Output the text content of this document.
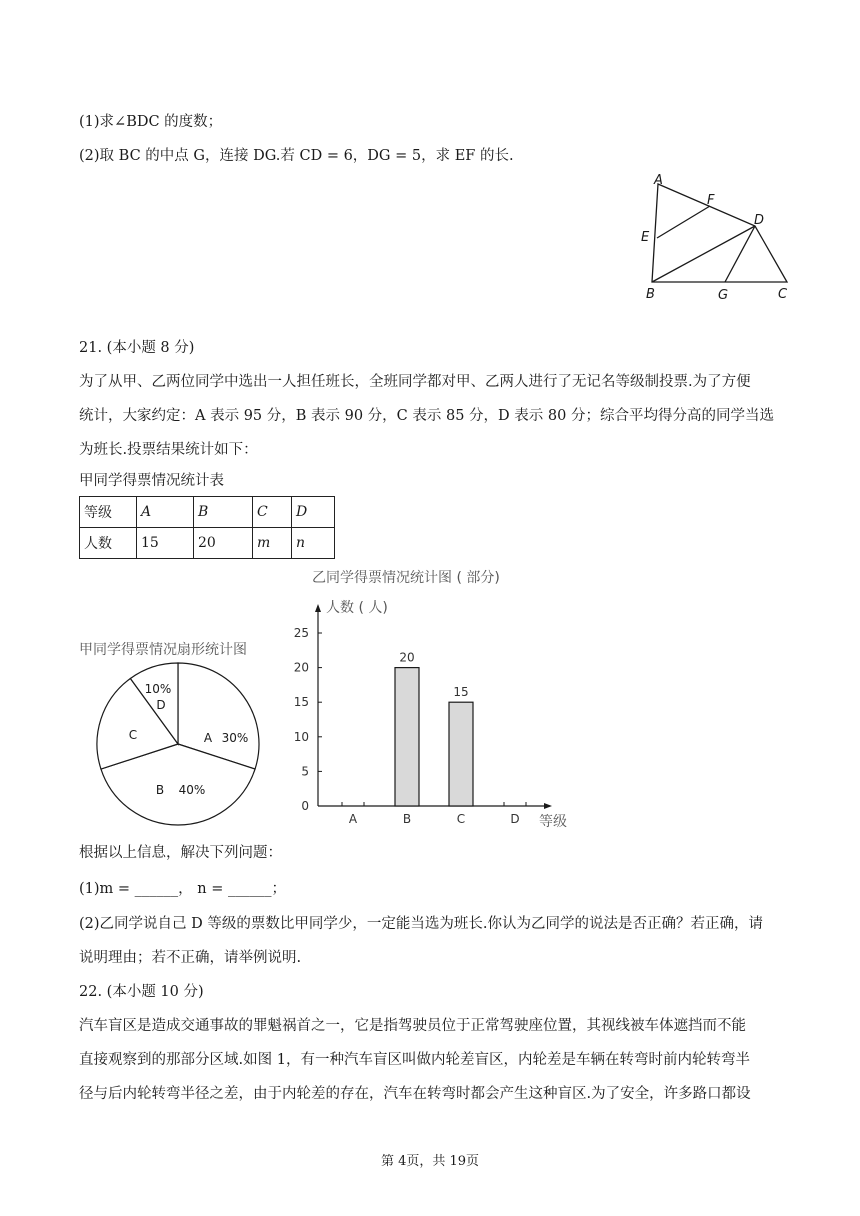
(1)求∠BDC 的度数；
(2)取 BC 的中点 G，连接 DG.若 CD = 6，DG = 5，求 EF 的长.
A
F
D
E
B	G	C
21. (本小题 8 分)
为了从甲、乙两位同学中选出一人担任班长，全班同学都对甲、乙两人进行了无记名等级制投票.为了方便
统计，大家约定：A 表示 95 分，B 表示 90 分，C 表示 85 分，D 表示 80 分；综合平均得分高的同学当选
为班长.投票结果统计如下：
甲同学得票情况统计表
等级	A	B	C	D
人数	15	20	m	n
甲同学得票情况扇形统计图
A 30%
B 40%
C
D
10%
乙同学得票情况统计图 ( 部分)
人数 ( 人)
等级
0
5
10
15
20
25
A	B
20
C
15
D
根据以上信息，解决下列问题：
(1)m = ______， n = ______；
(2)乙同学说自己 D 等级的票数比甲同学少，一定能当选为班长.你认为乙同学的说法是否正确？若正确，请
说明理由；若不正确，请举例说明.
22. (本小题 10 分)
汽车盲区是造成交通事故的罪魁祸首之一，它是指驾驶员位于正常驾驶座位置，其视线被车体遮挡而不能
直接观察到的那部分区域.如图 1，有一种汽车盲区叫做内轮差盲区，内轮差是车辆在转弯时前内轮转弯半
径与后内轮转弯半径之差，由于内轮差的存在，汽车在转弯时都会产生这种盲区.为了安全，许多路口都设
第 4页，共 19页
